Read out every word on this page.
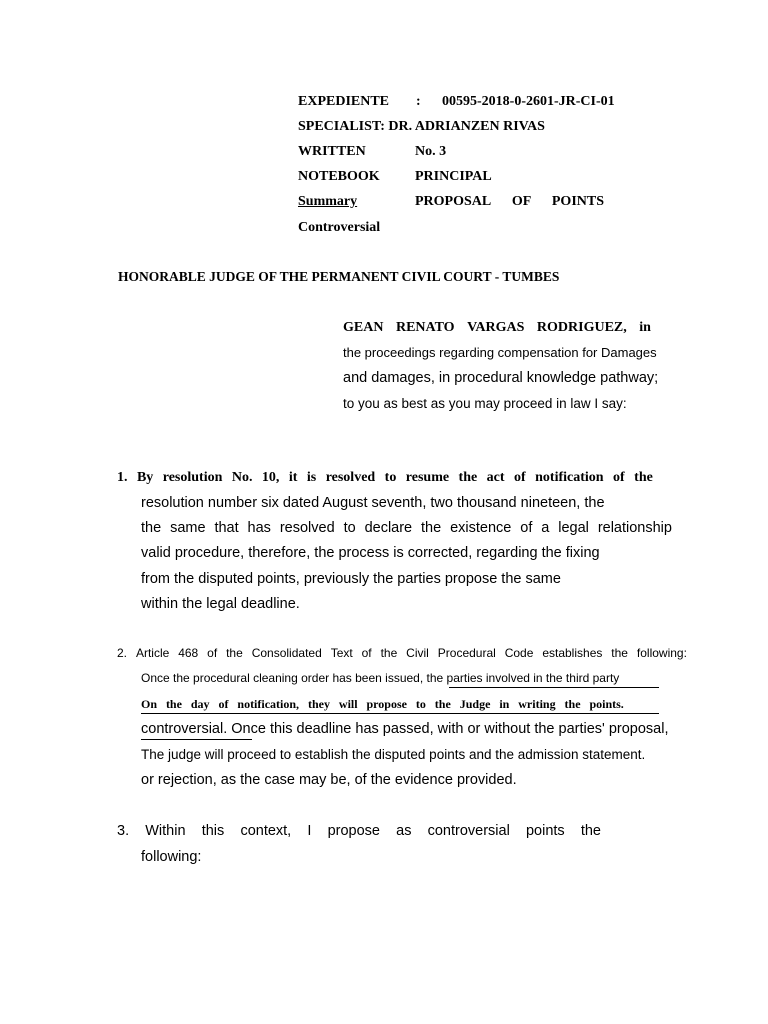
EXPEDIENTE : 00595-2018-0-2601-JR-CI-01
SPECIALIST: DR. ADRIANZEN RIVAS
WRITTEN	No. 3
NOTEBOOK	PRINCIPAL
Summary	PROPOSAL OF POINTS
Controversial
HONORABLE JUDGE OF THE PERMANENT CIVIL COURT - TUMBES
GEAN RENATO VARGAS RODRIGUEZ, in
the proceedings regarding compensation for Damages
and damages, in procedural knowledge pathway;
to you as best as you may proceed in law I say:
1. By resolution No. 10, it is resolved to resume the act of notification of the
resolution number six dated August seventh, two thousand nineteen, the
the same that has resolved to declare the existence of a legal relationship
valid procedure, therefore, the process is corrected, regarding the fixing
from the disputed points, previously the parties propose the same
within the legal deadline.
2. Article 468 of the Consolidated Text of the Civil Procedural Code establishes the following:
Once the procedural cleaning order has been issued, the parties involved in the third party
On the day of notification, they will propose to the Judge in writing the points.
controversial. Once this deadline has passed, with or without the parties' proposal,
The judge will proceed to establish the disputed points and the admission statement.
or rejection, as the case may be, of the evidence provided.
3. Within this context, I propose as controversial points the
following:
